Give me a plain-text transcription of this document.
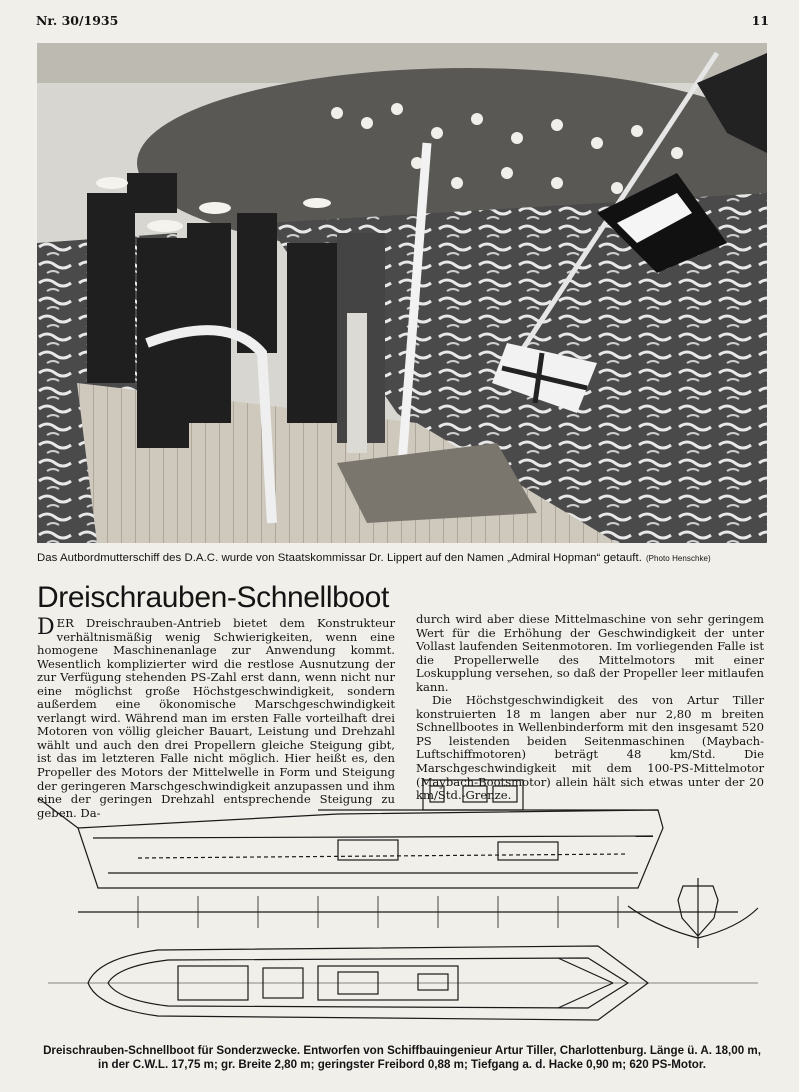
Nr. 30/1935	11
Das Autbordmutterschiff des D.A.C. wurde von Staatskommissar Dr. Lippert auf den Namen „Admiral Hopman“ getauft. (Photo Henschke)
Dreischrauben-Schnellboot

DER Dreischrauben-Antrieb bietet dem Konstrukteur verhältnismäßig wenig Schwierigkeiten, wenn eine homogene Maschinenanlage zur Anwendung kommt. Wesentlich komplizierter wird die restlose Ausnutzung der zur Verfügung stehenden PS-Zahl erst dann, wenn nicht nur eine möglichst große Höchstgeschwindigkeit, sondern außerdem eine ökonomische Marschgeschwindigkeit verlangt wird. Während man im ersten Falle vorteilhaft drei Motoren von völlig gleicher Bauart, Leistung und Drehzahl wählt und auch den drei Propellern gleiche Steigung gibt, ist das im letzteren Falle nicht möglich. Hier heißt es, den Propeller des Motors der Mittelwelle in Form und Steigung der geringeren Marschgeschwindigkeit anzupassen und ihm eine der geringen Drehzahl entsprechende Steigung zu geben. Da-

durch wird aber diese Mittelmaschine von sehr geringem Wert für die Erhöhung der Geschwindigkeit der unter Vollast laufenden Seitenmotoren. Im vorliegenden Falle ist die Propellerwelle des Mittelmotors mit einer Loskupplung versehen, so daß der Propeller leer mitlaufen kann.

Die Höchstgeschwindigkeit des von Artur Tiller konstruierten 18 m langen aber nur 2,80 m breiten Schnellbootes in Wellenbinderform mit den insgesamt 520 PS leistenden beiden Seitenmaschinen (Maybach-Luftschiffmotoren) beträgt 48 km/Std. Die Marschgeschwindigkeit mit dem 100-PS-Mittelmotor (Maybach-Bootsmotor) allein hält sich etwas unter der 20 km/Std.-Grenze.

Dreischrauben-Schnellboot für Sonderzwecke. Entworfen von Schiffbauingenieur Artur Tiller, Charlottenburg. Länge ü. A. 18,00 m,
in der C.W.L. 17,75 m; gr. Breite 2,80 m; geringster Freibord 0,88 m; Tiefgang a. d. Hacke 0,90 m; 620 PS-Motor.
